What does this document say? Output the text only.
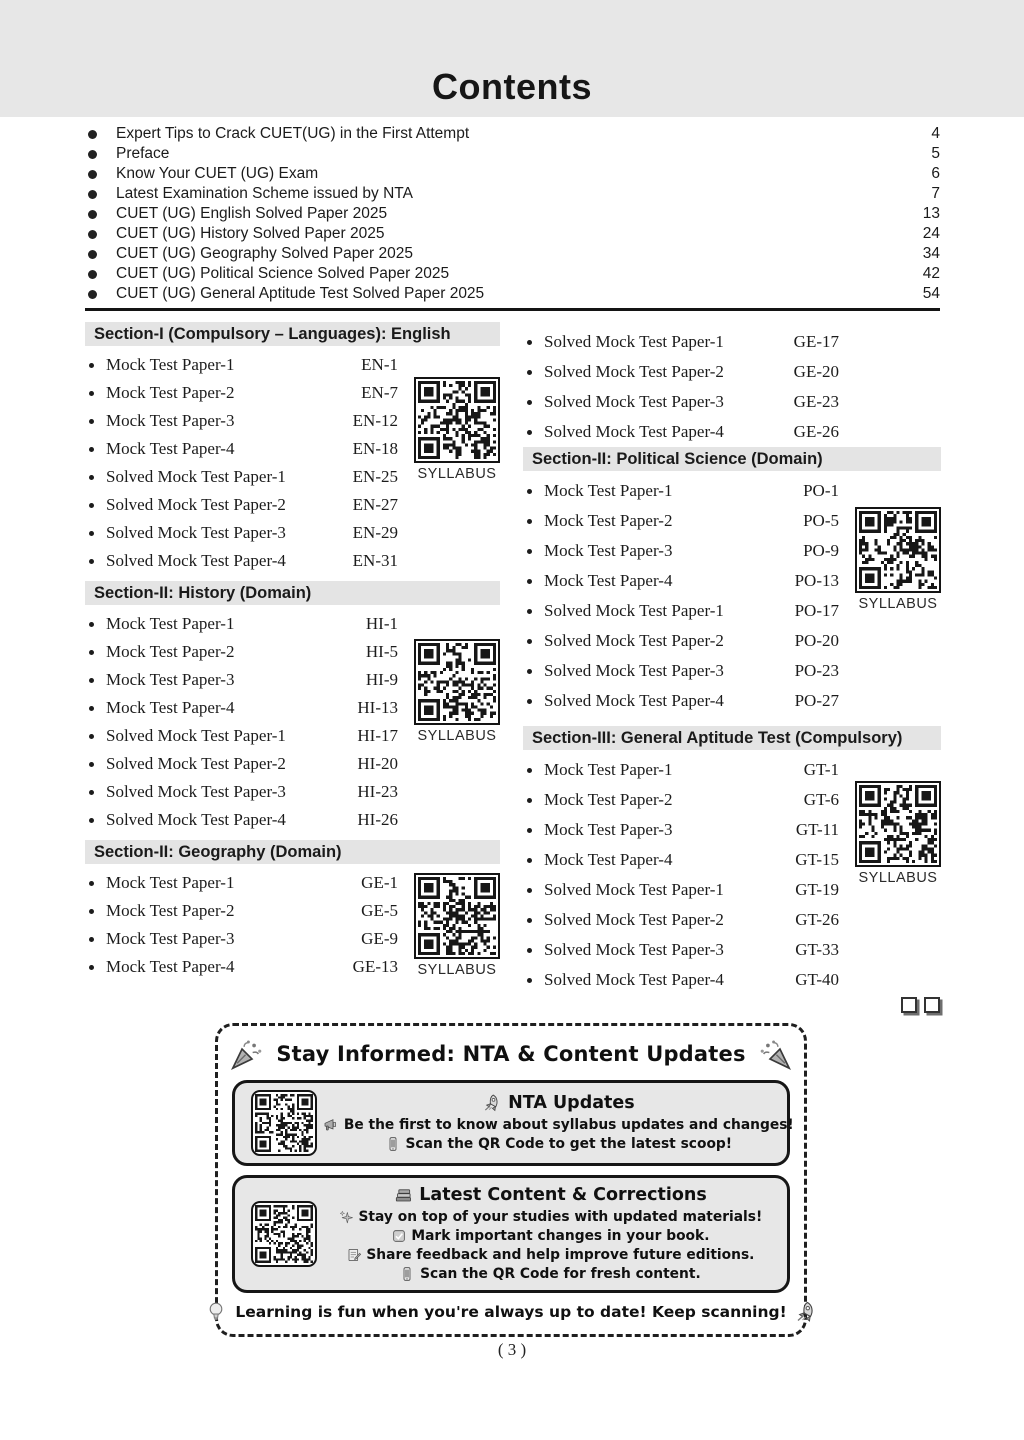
Contents
Expert Tips to Crack CUET(UG) in the First Attempt	4
Preface	5
Know Your CUET (UG) Exam	6
Latest Examination Scheme issued by NTA	7
CUET (UG) English Solved Paper 2025	13
CUET (UG) History Solved Paper 2025	24
CUET (UG) Geography Solved Paper 2025	34
CUET (UG) Political Science Solved Paper 2025	42
CUET (UG) General Aptitude Test Solved Paper 2025	54
Section-I (Compulsory – Languages): English
Mock Test Paper-1	EN-1
Mock Test Paper-2	EN-7
Mock Test Paper-3	EN-12
Mock Test Paper-4	EN-18
Solved Mock Test Paper-1	EN-25
Solved Mock Test Paper-2	EN-27
Solved Mock Test Paper-3	EN-29
Solved Mock Test Paper-4	EN-31
SYLLABUS
Section-II: History (Domain)
Mock Test Paper-1	HI-1
Mock Test Paper-2	HI-5
Mock Test Paper-3	HI-9
Mock Test Paper-4	HI-13
Solved Mock Test Paper-1	HI-17
Solved Mock Test Paper-2	HI-20
Solved Mock Test Paper-3	HI-23
Solved Mock Test Paper-4	HI-26
SYLLABUS
Section-II: Geography (Domain)
Mock Test Paper-1	GE-1
Mock Test Paper-2	GE-5
Mock Test Paper-3	GE-9
Mock Test Paper-4	GE-13	SYLLABUS
Solved Mock Test Paper-1	GE-17
Solved Mock Test Paper-2	GE-20
Solved Mock Test Paper-3	GE-23
Solved Mock Test Paper-4	GE-26
Section-II: Political Science (Domain)
Mock Test Paper-1	PO-1
Mock Test Paper-2	PO-5
Mock Test Paper-3	PO-9
Mock Test Paper-4	PO-13
Solved Mock Test Paper-1	PO-17
Solved Mock Test Paper-2	PO-20
Solved Mock Test Paper-3	PO-23
Solved Mock Test Paper-4	PO-27
SYLLABUS
Section-III: General Aptitude Test (Compulsory)
Mock Test Paper-1	GT-1
Mock Test Paper-2	GT-6
Mock Test Paper-3	GT-11
Mock Test Paper-4	GT-15
Solved Mock Test Paper-1	GT-19
Solved Mock Test Paper-2	GT-26
Solved Mock Test Paper-3	GT-33
Solved Mock Test Paper-4	GT-40
SYLLABUS
Stay Informed: NTA & Content Updates
NTA Updates
Be the first to know about syllabus updates and changes!
Scan the QR Code to get the latest scoop!
Latest Content & Corrections
Stay on top of your studies with updated materials!
Mark important changes in your book.
Share feedback and help improve future editions.
Scan the QR Code for fresh content.
Learning is fun when you're always up to date! Keep scanning!
( 3 )
